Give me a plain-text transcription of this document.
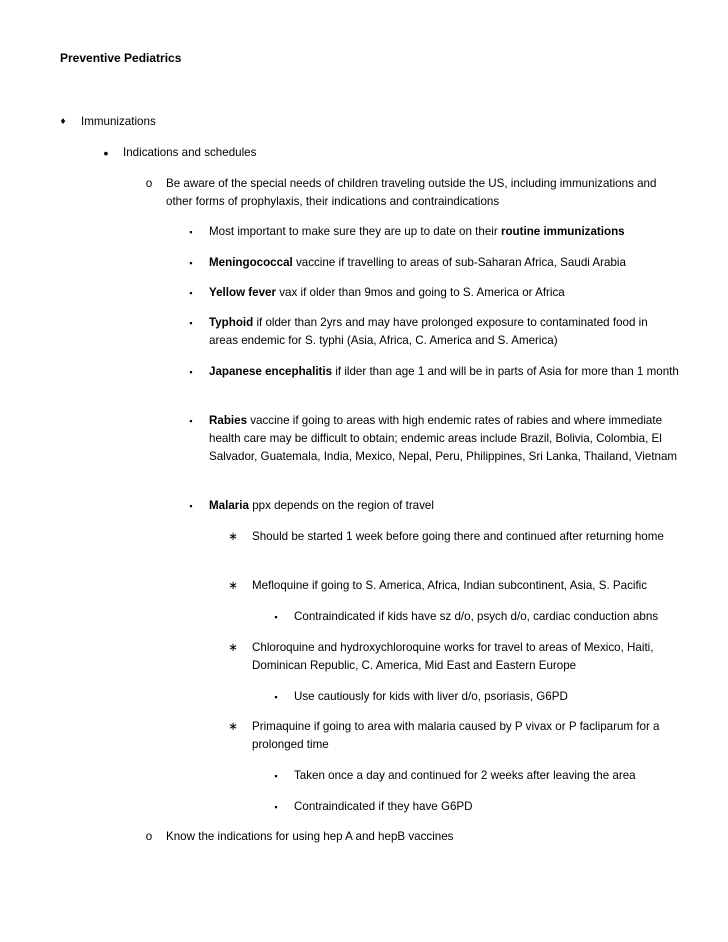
Preventive Pediatrics
♦	Immunizations
•	Indications and schedules
o	Be aware of the special needs of children traveling outside the US, including immunizations and other forms of prophylaxis, their indications and contraindications
▪	Most important to make sure they are up to date on their routine immunizations
▪	Meningococcal vaccine if travelling to areas of sub-Saharan Africa, Saudi Arabia
▪	Yellow fever vax if older than 9mos and going to S. America or Africa
▪	Typhoid if older than 2yrs and may have prolonged exposure to contaminated food in areas endemic for S. typhi (Asia, Africa, C. America and S. America)
▪	Japanese encephalitis if ilder than age 1 and will be in parts of Asia for more than 1 month
▪	Rabies vaccine if going to areas with high endemic rates of rabies and where immediate health care may be difficult to obtain; endemic areas include Brazil, Bolivia, Colombia, El Salvador, Guatemala, India, Mexico, Nepal, Peru, Philippines, Sri Lanka, Thailand, Vietnam
▪	Malaria ppx depends on the region of travel
∗ Should be started 1 week before going there and continued after returning home
∗ Mefloquine if going to S. America, Africa, Indian subcontinent, Asia, S. Pacific
▪	Contraindicated if kids have sz d/o, psych d/o, cardiac conduction abns
∗ Chloroquine and hydroxychloroquine works for travel to areas of Mexico, Haiti, Dominican Republic, C. America, Mid East and Eastern Europe
▪	Use cautiously for kids with liver d/o, psoriasis, G6PD
∗ Primaquine if going to area with malaria caused by P vivax or P facliparum for a prolonged time
▪	Taken once a day and continued for 2 weeks after leaving the area
▪	Contraindicated if they have G6PD
o	Know the indications for using hep A and hepB vaccines
